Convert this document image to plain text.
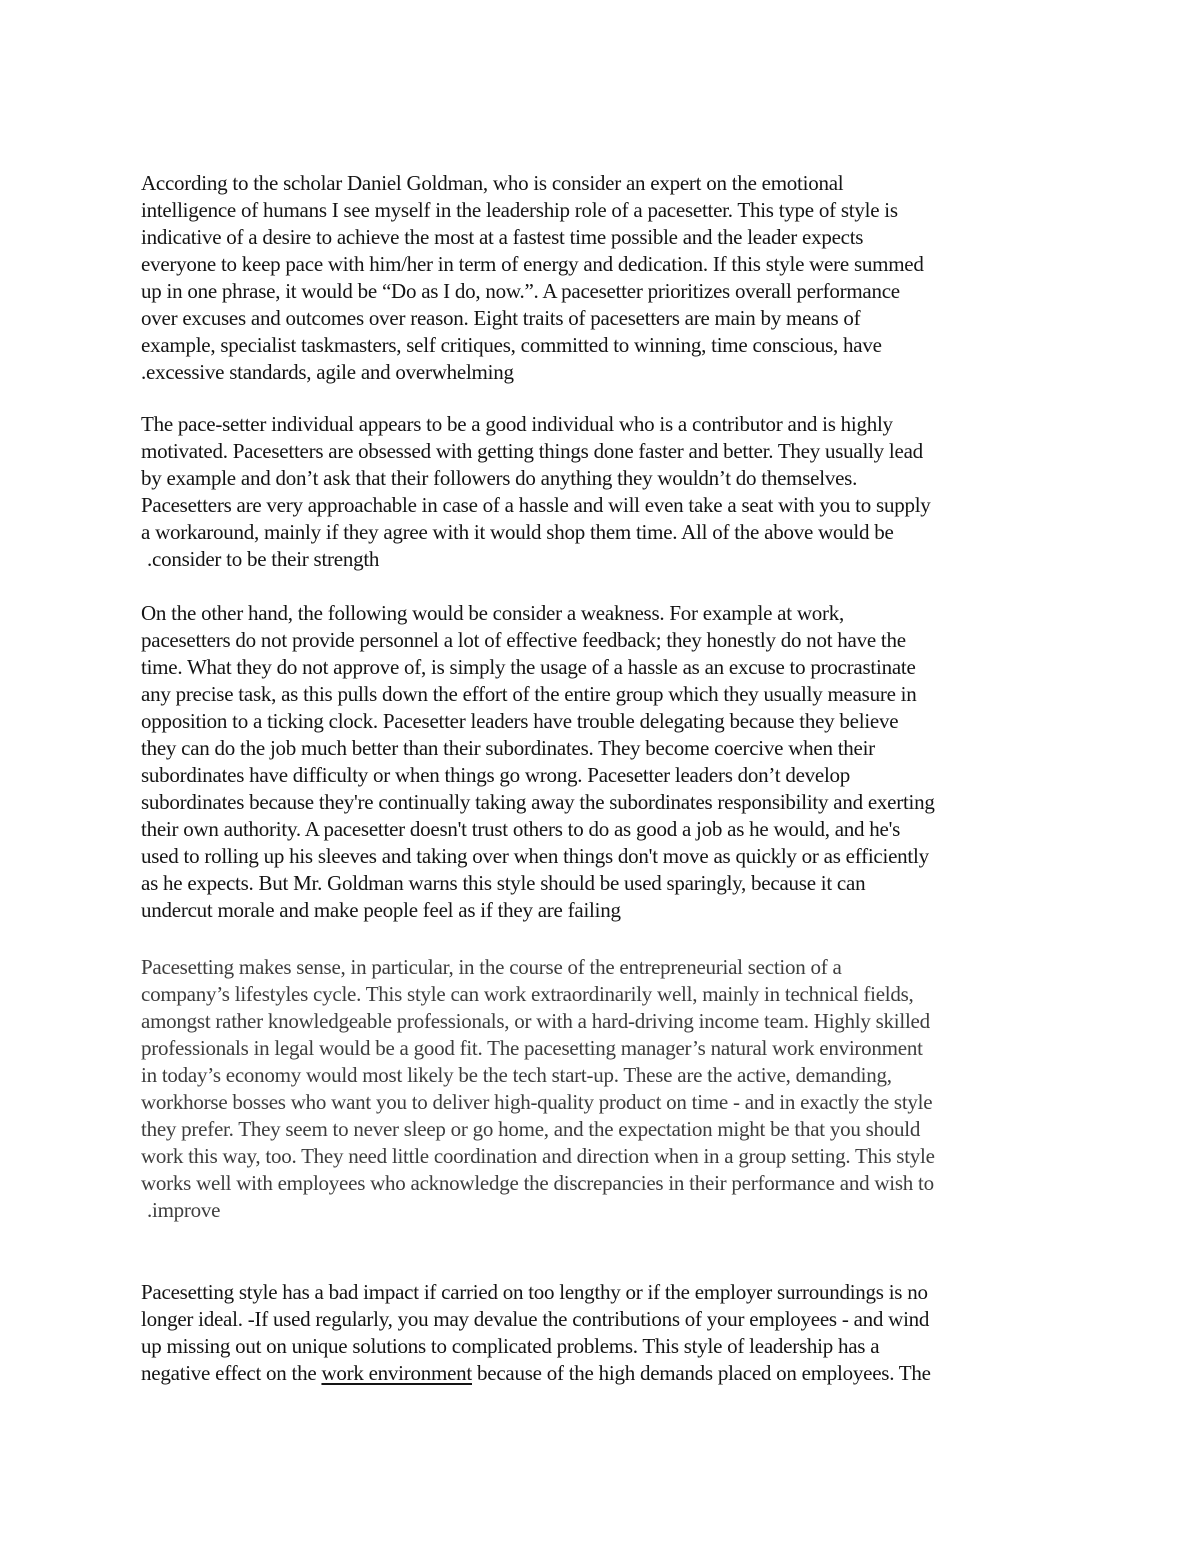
According to the scholar Daniel Goldman, who is consider an expert on the emotional
intelligence of humans I see myself in the leadership role of a pacesetter. This type of style is
indicative of a desire to achieve the most at a fastest time possible and the leader expects
everyone to keep pace with him/her in term of energy and dedication. If this style were summed
up in one phrase, it would be “Do as I do, now.”. A pacesetter prioritizes overall performance
over excuses and outcomes over reason. Eight traits of pacesetters are main by means of
example, specialist taskmasters, self critiques, committed to winning, time conscious, have
.excessive standards, agile and overwhelming
The pace-setter individual appears to be a good individual who is a contributor and is highly
motivated. Pacesetters are obsessed with getting things done faster and better. They usually lead
by example and don’t ask that their followers do anything they wouldn’t do themselves.
Pacesetters are very approachable in case of a hassle and will even take a seat with you to supply
a workaround, mainly if they agree with it would shop them time. All of the above would be
.consider to be their strength
On the other hand, the following would be consider a weakness. For example at work,
pacesetters do not provide personnel a lot of effective feedback; they honestly do not have the
time. What they do not approve of, is simply the usage of a hassle as an excuse to procrastinate
any precise task, as this pulls down the effort of the entire group which they usually measure in
opposition to a ticking clock. Pacesetter leaders have trouble delegating because they believe
they can do the job much better than their subordinates. They become coercive when their
subordinates have difficulty or when things go wrong. Pacesetter leaders don’t develop
subordinates because they're continually taking away the subordinates responsibility and exerting
their own authority. A pacesetter doesn't trust others to do as good a job as he would, and he's
used to rolling up his sleeves and taking over when things don't move as quickly or as efficiently
as he expects. But Mr. Goldman warns this style should be used sparingly, because it can
undercut morale and make people feel as if they are failing
Pacesetting makes sense, in particular, in the course of the entrepreneurial section of a
company’s lifestyles cycle. This style can work extraordinarily well, mainly in technical fields,
amongst rather knowledgeable professionals, or with a hard-driving income team. Highly skilled
professionals in legal would be a good fit. The pacesetting manager’s natural work environment
in today’s economy would most likely be the tech start-up. These are the active, demanding,
workhorse bosses who want you to deliver high-quality product on time - and in exactly the style
they prefer. They seem to never sleep or go home, and the expectation might be that you should
work this way, too. They need little coordination and direction when in a group setting. This style
works well with employees who acknowledge the discrepancies in their performance and wish to
.improve
Pacesetting style has a bad impact if carried on too lengthy or if the employer surroundings is no
longer ideal. -If used regularly, you may devalue the contributions of your employees - and wind
up missing out on unique solutions to complicated problems. This style of leadership has a
negative effect on the work environment because of the high demands placed on employees. The
